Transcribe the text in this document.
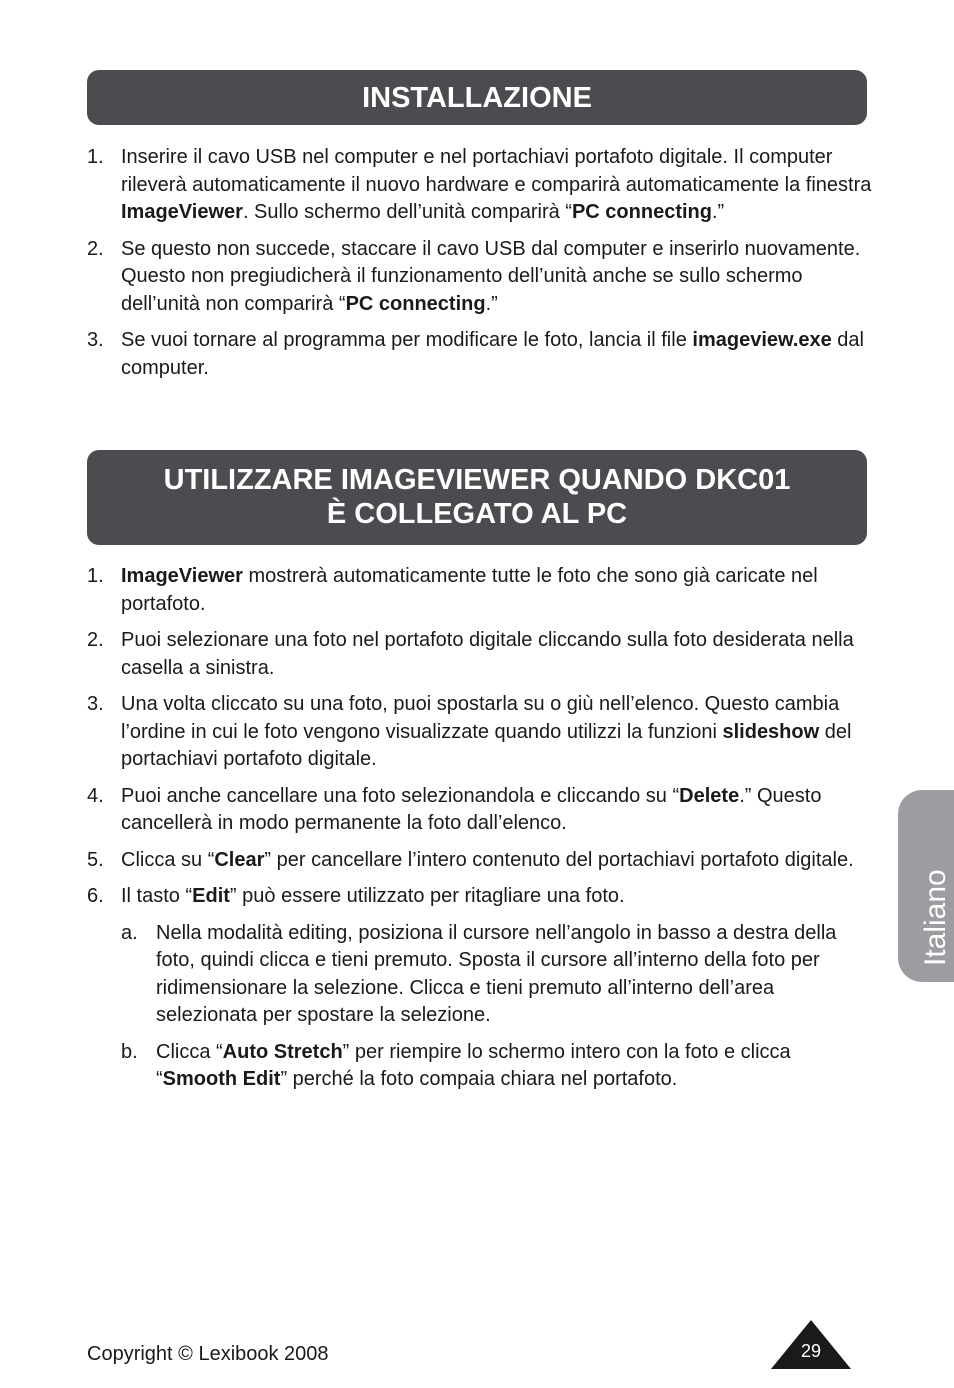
INSTALLAZIONE
1. Inserire il cavo USB nel computer e nel portachiavi portafoto digitale. Il computer rileverà automaticamente il nuovo hardware e comparirà automaticamente la finestra ImageViewer. Sullo schermo dell’unità comparirà “PC connecting.”
2. Se questo non succede, staccare il cavo USB dal computer e inserirlo nuovamente. Questo non pregiudicherà il funzionamento dell’unità anche se sullo schermo dell’unità non comparirà “PC connecting.”
3. Se vuoi tornare al programma per modificare le foto, lancia il file imageview.exe dal computer.
UTILIZZARE IMAGEVIEWER QUANDO DKC01
È COLLEGATO AL PC
1. ImageViewer mostrerà automaticamente tutte le foto che sono già caricate nel portafoto.
2. Puoi selezionare una foto nel portafoto digitale cliccando sulla foto desiderata nella casella a sinistra.
3. Una volta cliccato su una foto, puoi spostarla su o giù nell’elenco. Questo cambia l’ordine in cui le foto vengono visualizzate quando utilizzi la funzioni slideshow del portachiavi portafoto digitale.
4. Puoi anche cancellare una foto selezionandola e cliccando su “Delete.” Questo cancellerà in modo permanente la foto dall’elenco.
5. Clicca su “Clear” per cancellare l’intero contenuto del portachiavi portafoto digitale.
6. Il tasto “Edit” può essere utilizzato per ritagliare una foto.
a. Nella modalità editing, posiziona il cursore nell’angolo in basso a destra della foto, quindi clicca e tieni premuto. Sposta il cursore all’interno della foto per ridimensionare la selezione. Clicca e tieni premuto all’interno dell’area selezionata per spostare la selezione.
b. Clicca “Auto Stretch” per riempire lo schermo intero con la foto e clicca “Smooth Edit” perché la foto compaia chiara nel portafoto.
Italiano
Copyright © Lexibook 2008	29
